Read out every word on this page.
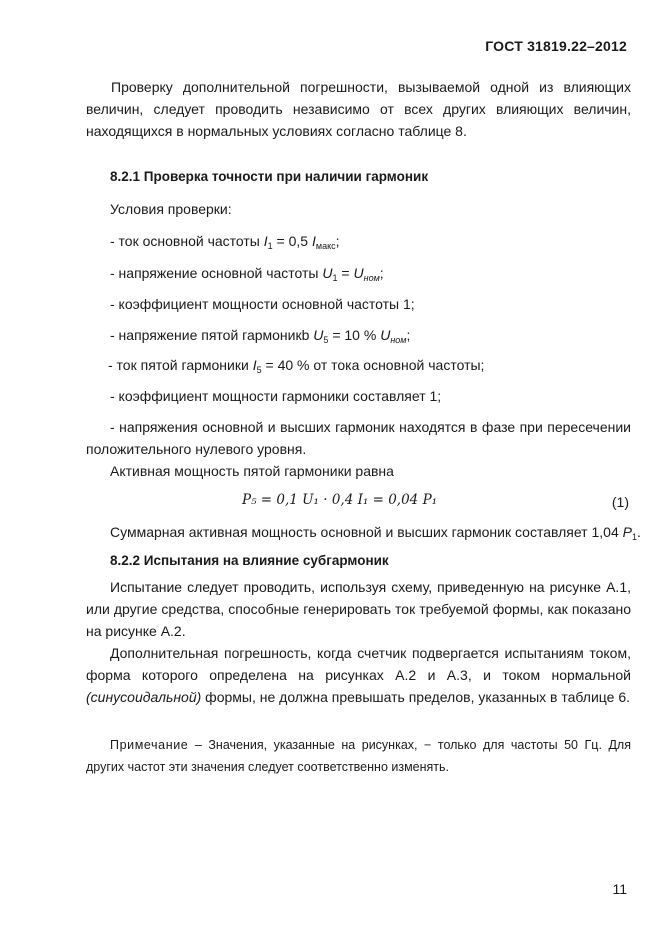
ГОСТ 31819.22–2012
Проверку дополнительной погрешности, вызываемой одной из влияющих величин, следует проводить независимо от всех других влияющих величин, находящихся в нормальных условиях согласно таблице 8.
8.2.1 Проверка точности при наличии гармоник
Условия проверки:
- ток основной частоты $I_1 = 0,5$ $I_{макс}$;
- напряжение основной частоты $U_1 = U_{ном}$;
- коэффициент мощности основной частоты 1;
- напряжение пятой гармоникb $U_5 = 10$ % $U_{ном}$;
- ток пятой гармоники $I_5 = 40$ % от тока основной частоты;
- коэффициент мощности гармоники составляет 1;
- напряжения основной и высших гармоник находятся в фазе при пересечении положительного нулевого уровня.
Активная мощность пятой гармоники равна
P₅ = 0,1 U₁ · 0,4 I₁ = 0,04 P₁	(1)
Суммарная активная мощность основной и высших гармоник составляет 1,04 $P_1$.
8.2.2 Испытания на влияние субгармоник
Испытание следует проводить, используя схему, приведенную на рисунке А.1, или другие средства, способные генерировать ток требуемой формы, как показано на рисунке А.2.
Дополнительная погрешность, когда счетчик подвергается испытаниям током, форма которого определена на рисунках А.2 и А.3, и током нормальной (синусоидальной) формы, не должна превышать пределов, указанных в таблице 6.
Примечание – Значения, указанные на рисунках, − только для частоты 50 Гц. Для других частот эти значения следует соответственно изменять.
11
